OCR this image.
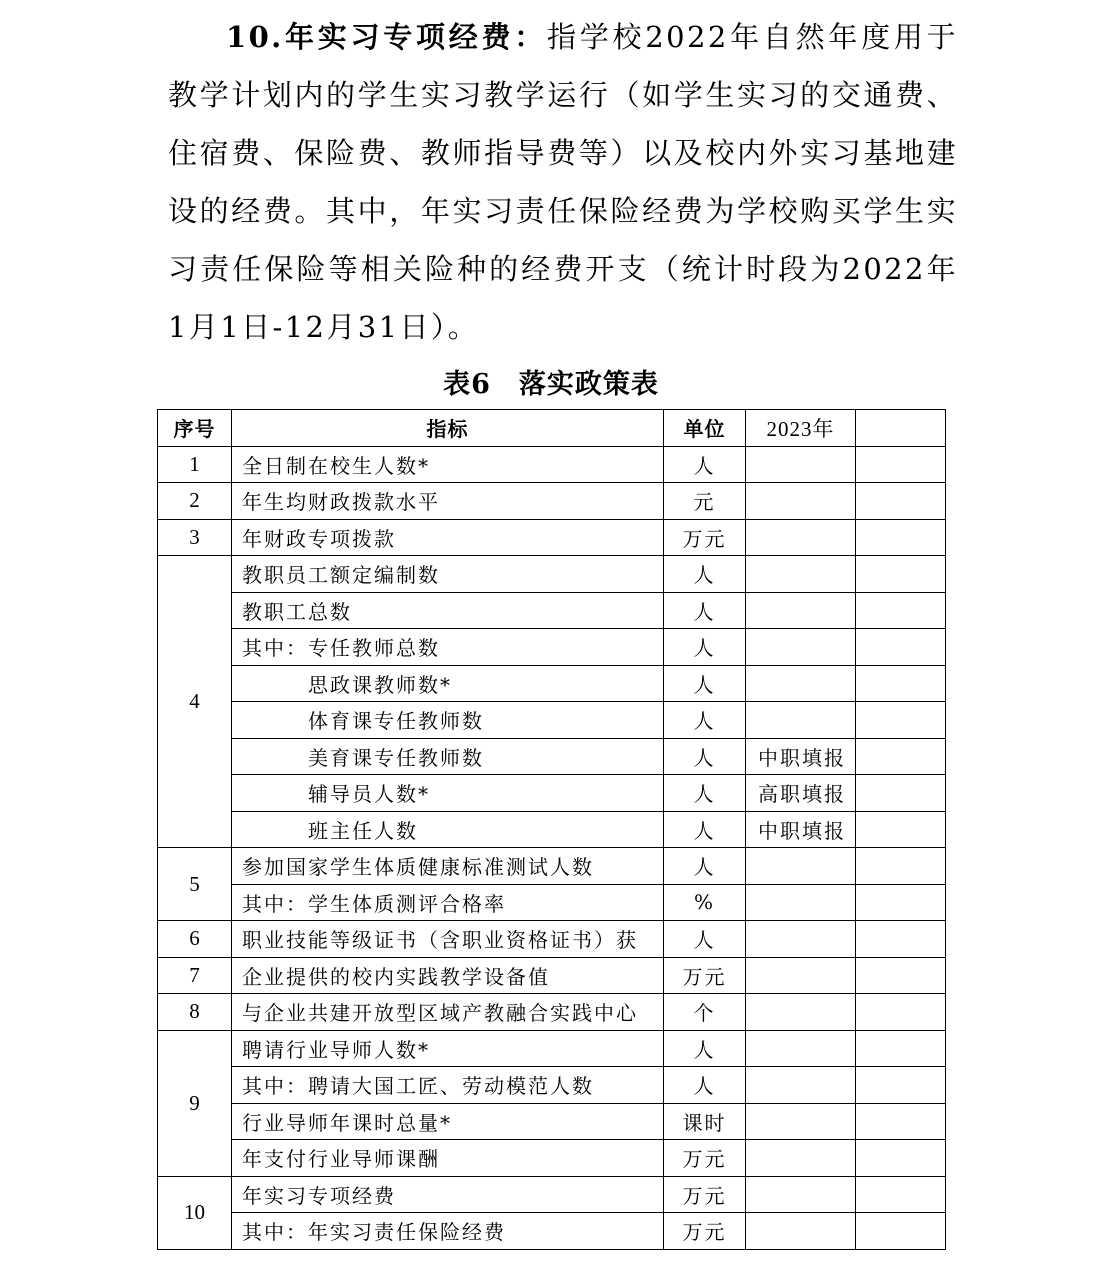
10.年实习专项经费：指学校2022年自然年度用于教学计划内的学生实习教学运行（如学生实习的交通费、住宿费、保险费、教师指导费等）以及校内外实习基地建设的经费。其中，年实习责任保险经费为学校购买学生实习责任保险等相关险种的经费开支（统计时段为2022年1月1日-12月31日）。

表6 落实政策表
序号	指标	单位	2023年	
1	全日制在校生人数*	人		
2	年生均财政拨款水平	元		
3	年财政专项拨款	万元		
4	教职员工额定编制数	人		
	教职工总数	人		
	其中：专任教师总数	人		
	思政课教师数*	人		
	体育课专任教师数	人		
	美育课专任教师数	人	中职填报	
	辅导员人数*	人	高职填报	
	班主任人数	人	中职填报	
5	参加国家学生体质健康标准测试人数	人		
	其中：学生体质测评合格率	%		
6	职业技能等级证书（含职业资格证书）获	人		
7	企业提供的校内实践教学设备值	万元		
8	与企业共建开放型区域产教融合实践中心	个		
9	聘请行业导师人数*	人		
	其中：聘请大国工匠、劳动模范人数	人		
	行业导师年课时总量*	课时		
	年支付行业导师课酬	万元		
10	年实习专项经费	万元		
	其中：年实习责任保险经费	万元		
